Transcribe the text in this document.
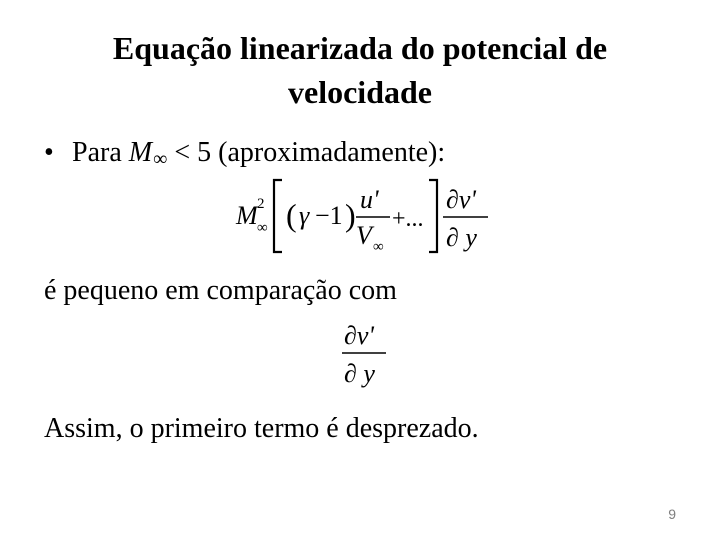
Equação linearizada do potencial de
velocidade
• Para M∞ < 5 (aproximadamente):
M 2
∞ ( γ −1 ) u'
V ∞
+...
∂v'
∂ y
é pequeno em comparação com
∂v'
∂ y
Assim, o primeiro termo é desprezado.
9
